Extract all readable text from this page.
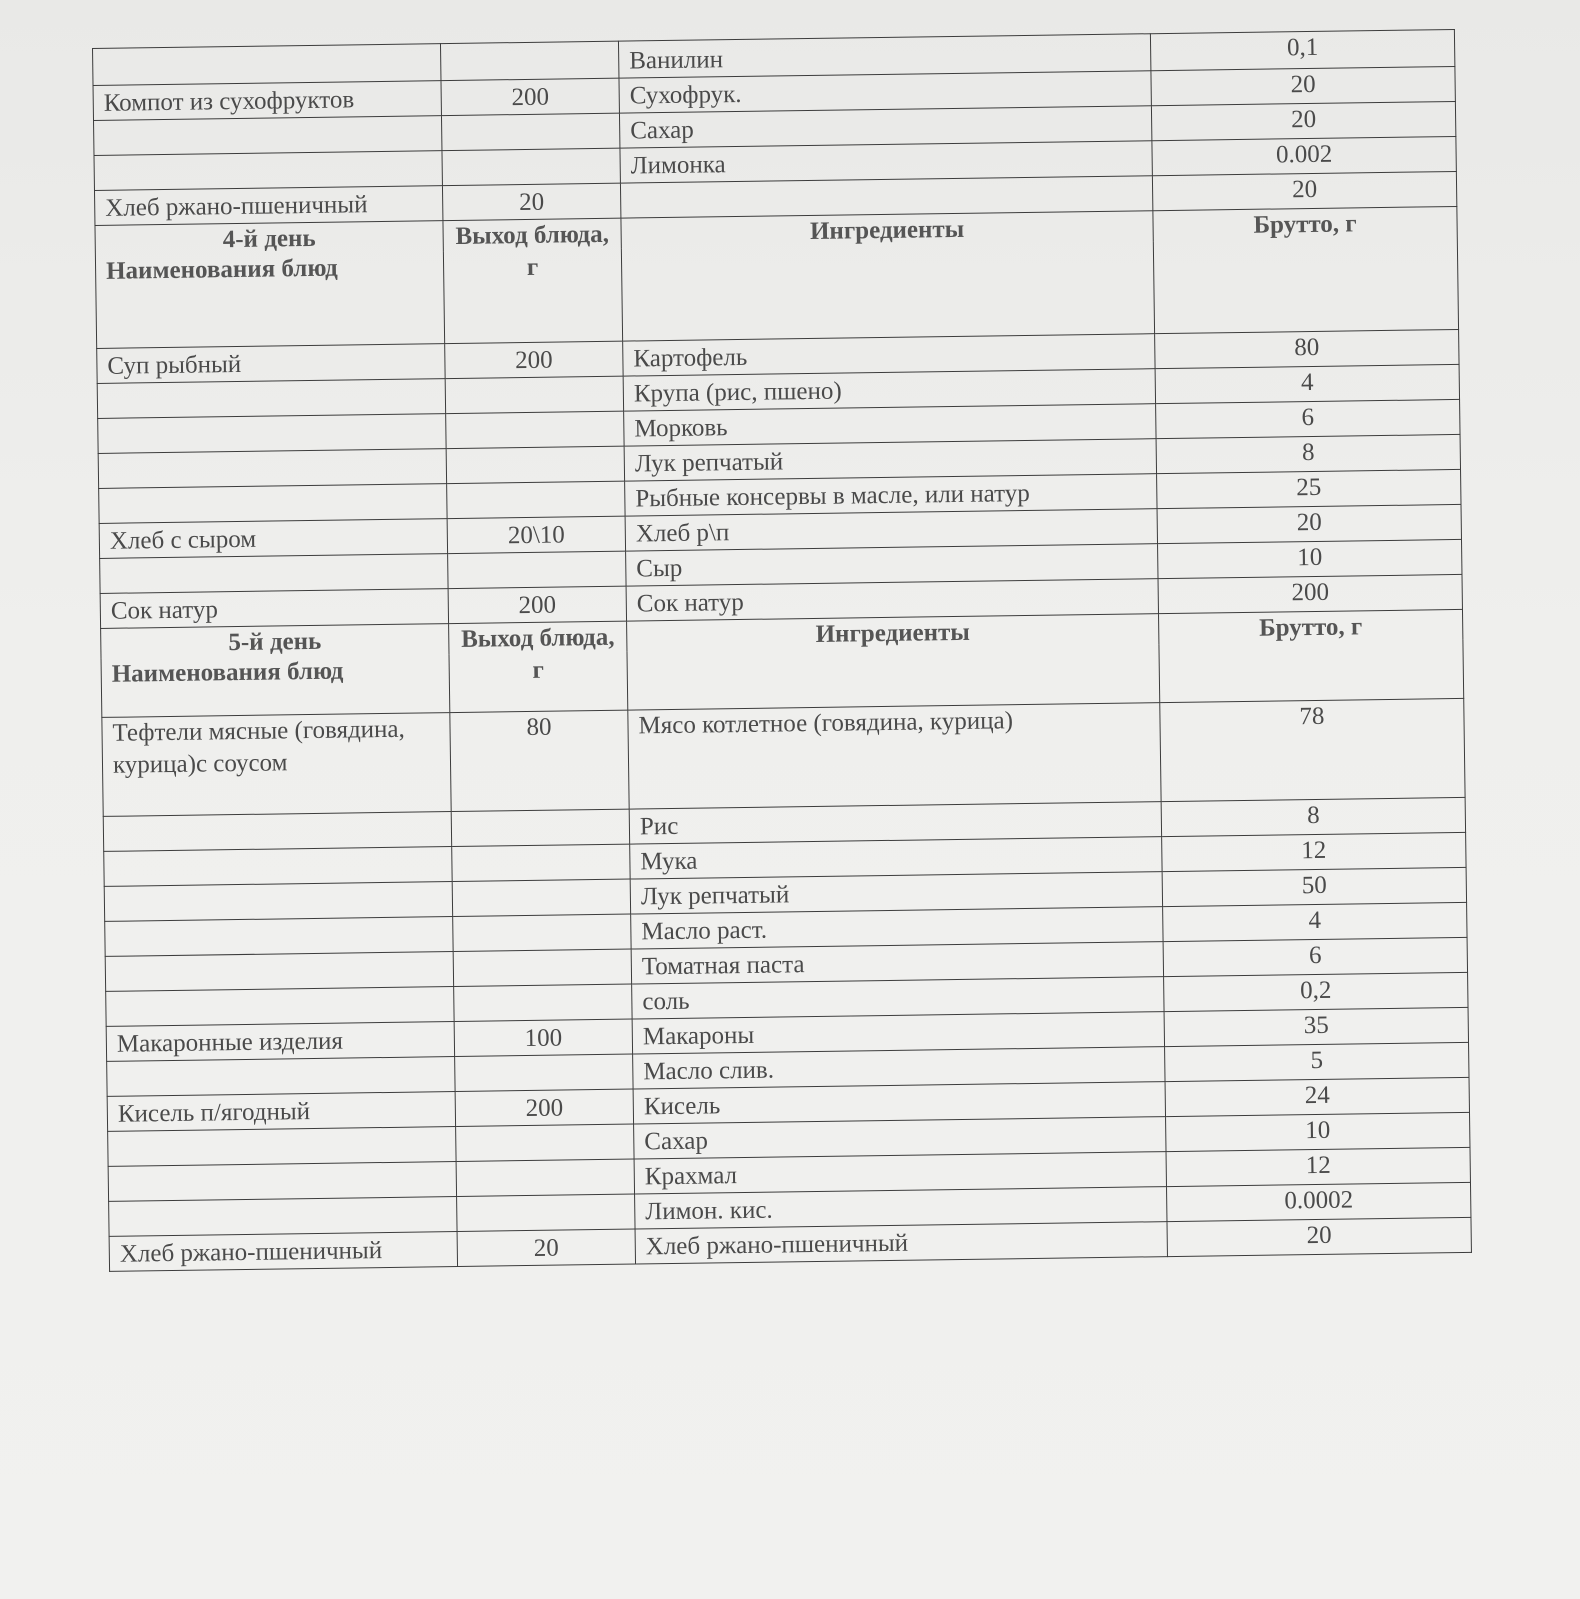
		Ванилин	0,1
Компот из сухофруктов	200	Сухофрук.	20
		Сахар	20
		Лимонка	0.002
Хлеб ржано-пшеничный	20		20
4-й день	Выход блюда, г	Ингредиенты	Брутто, г
Наименования блюд			
Суп рыбный	200	Картофель	80
		Крупа (рис, пшено)	4
		Морковь	6
		Лук репчатый	8
		Рыбные консервы в масле, или натур	25
Хлеб с сыром	20\10	Хлеб р\п	20
		Сыр	10
Сок натур	200	Сок натур	200
5-й день	Выход блюда, г	Ингредиенты	Брутто, г
Наименования блюд			
Тефтели мясные (говядина, курица)с соусом	80	Мясо котлетное (говядина, курица)	78
		Рис	8
		Мука	12
		Лук репчатый	50
		Масло раст.	4
		Томатная паста	6
		соль	0,2
Макаронные изделия	100	Макароны	35
		Масло слив.	5
Кисель п/ягодный	200	Кисель	24
		Сахар	10
		Крахмал	12
		Лимон. кис.	0.0002
Хлеб ржано-пшеничный	20	Хлеб ржано-пшеничный	20
